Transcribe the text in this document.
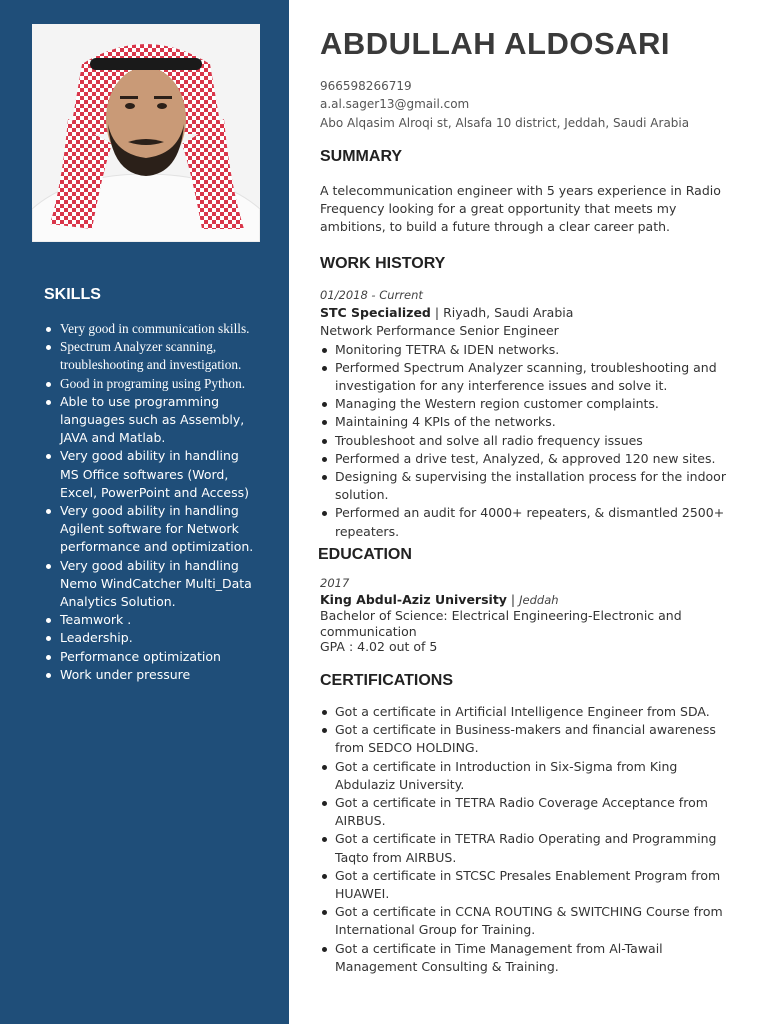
SKILLS
Very good in communication skills.
Spectrum Analyzer scanning, troubleshooting and investigation.
Good in programing using Python.
Able to use programming languages such as Assembly, JAVA and Matlab.
Very good ability in handling MS Office softwares (Word, Excel, PowerPoint and Access)
Very good ability in handling Agilent software for Network performance and optimization.
Very good ability in handling Nemo WindCatcher Multi_Data Analytics Solution.
Teamwork .
Leadership.
Performance optimization
Work under pressure
ABDULLAH ALDOSARI
966598266719
a.al.sager13@gmail.com
Abo Alqasim Alroqi st, Alsafa 10 district, Jeddah, Saudi Arabia
SUMMARY
A telecommunication engineer with 5 years experience in Radio Frequency looking for a great opportunity that meets my ambitions, to build a future through a clear career path.
WORK HISTORY
01/2018 - Current
STC Specialized | Riyadh, Saudi Arabia
Network Performance Senior Engineer
Monitoring TETRA & IDEN networks.
Performed Spectrum Analyzer scanning, troubleshooting and investigation for any interference issues and solve it.
Managing the Western region customer complaints.
Maintaining 4 KPIs of the networks.
Troubleshoot and solve all radio frequency issues
Performed a drive test, Analyzed, & approved 120 new sites.
Designing & supervising the installation process for the indoor solution.
Performed an audit for 4000+ repeaters, & dismantled 2500+ repeaters.
EDUCATION
2017
King Abdul-Aziz University | Jeddah
Bachelor of Science: Electrical Engineering-Electronic and communication
GPA : 4.02 out of 5
CERTIFICATIONS
Got a certificate in Artificial Intelligence Engineer from SDA.
Got a certificate in Business-makers and financial awareness from SEDCO HOLDING.
Got a certificate in Introduction in Six-Sigma from King Abdulaziz University.
Got a certificate in TETRA Radio Coverage Acceptance from AIRBUS.
Got a certificate in TETRA Radio Operating and Programming Taqto from AIRBUS.
Got a certificate in STCSC Presales Enablement Program from HUAWEI.
Got a certificate in CCNA ROUTING & SWITCHING Course from International Group for Training.
Got a certificate in Time Management from Al-Tawail Management Consulting & Training.
